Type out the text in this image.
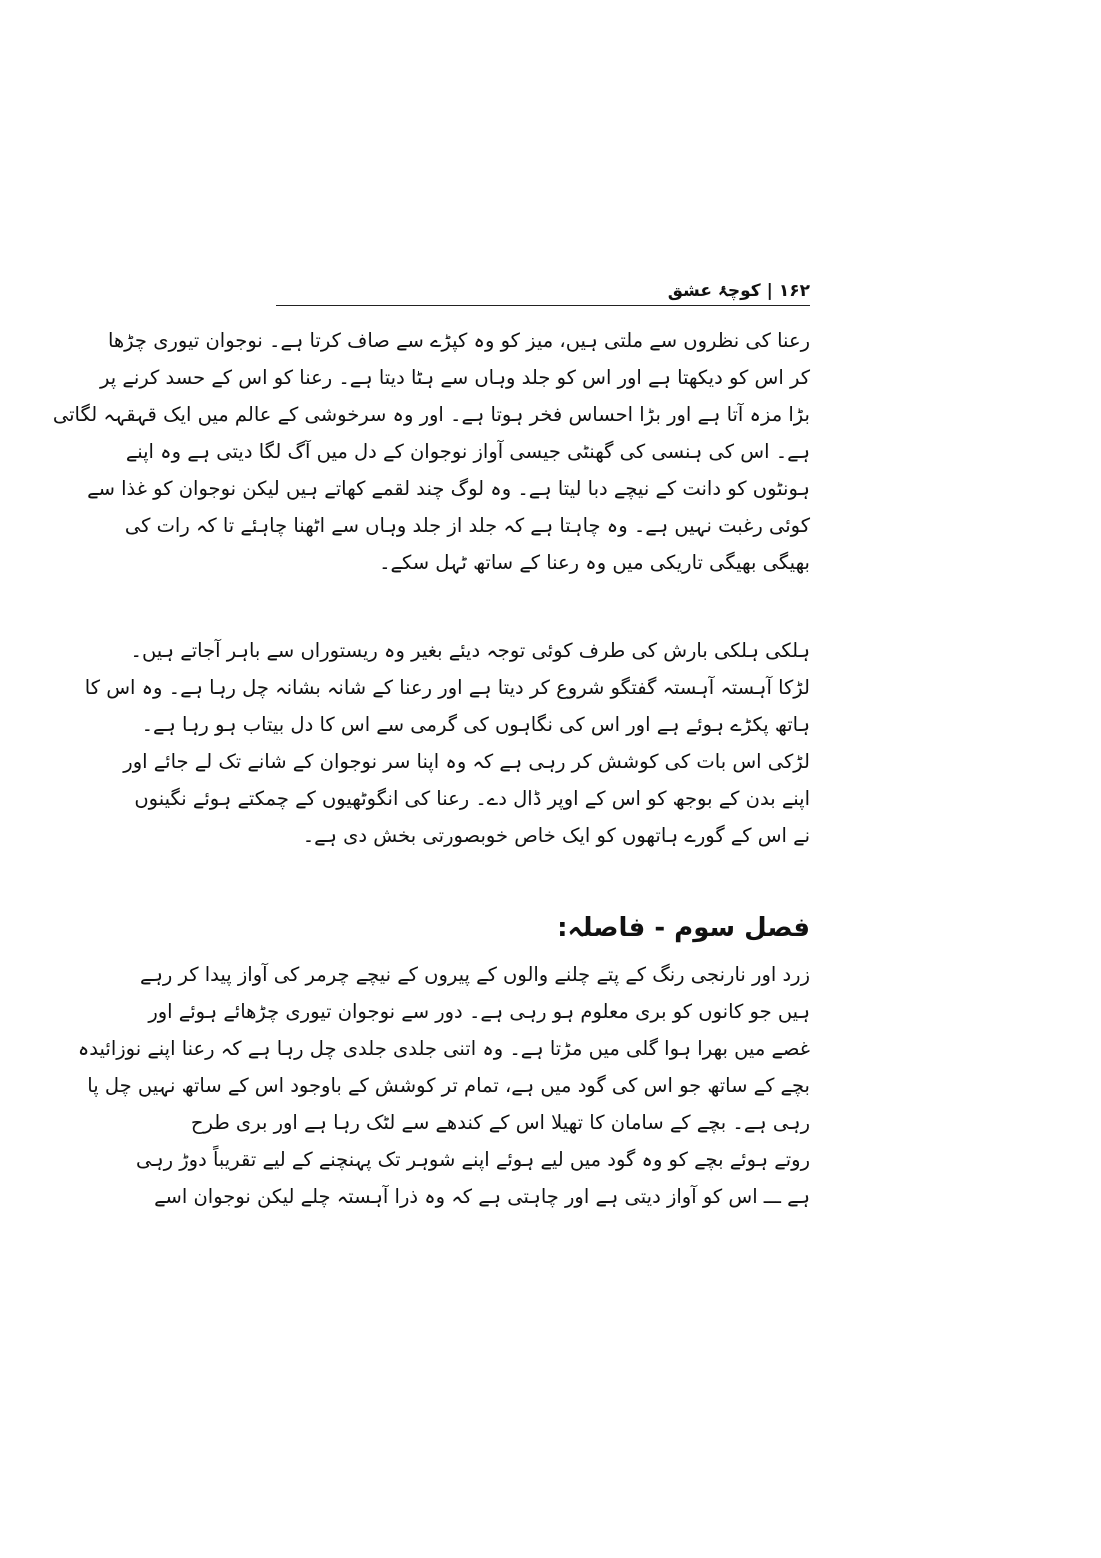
۱۶۲
|
کوچۂ عشق
رعنا کی نظروں سے ملتی ہیں، میز کو وہ کپڑے سے صاف کرتا ہے۔ نوجوان تیوری چڑھا
کر اس کو دیکھتا ہے اور اس کو جلد وہاں سے ہٹا دیتا ہے۔ رعنا کو اس کے حسد کرنے پر
بڑا مزہ آتا ہے اور بڑا احساس فخر ہوتا ہے۔ اور وہ سرخوشی کے عالم میں ایک قہقہہ لگاتی
ہے۔ اس کی ہنسی کی گھنٹی جیسی آواز نوجوان کے دل میں آگ لگا دیتی ہے وہ اپنے
ہونٹوں کو دانت کے نیچے دبا لیتا ہے۔ وہ لوگ چند لقمے کھاتے ہیں لیکن نوجوان کو غذا سے
کوئی رغبت نہیں ہے۔ وہ چاہتا ہے کہ جلد از جلد وہاں سے اٹھنا چاہئے تا کہ رات کی
بھیگی بھیگی تاریکی میں وہ رعنا کے ساتھ ٹہل سکے۔
ہلکی ہلکی بارش کی طرف کوئی توجہ دیئے بغیر وہ ریستوراں سے باہر آجاتے ہیں۔
لڑکا آہستہ آہستہ گفتگو شروع کر دیتا ہے اور رعنا کے شانہ بشانہ چل رہا ہے۔ وہ اس کا
ہاتھ پکڑے ہوئے ہے اور اس کی نگاہوں کی گرمی سے اس کا دل بیتاب ہو رہا ہے۔
لڑکی اس بات کی کوشش کر رہی ہے کہ وہ اپنا سر نوجوان کے شانے تک لے جائے اور
اپنے بدن کے بوجھ کو اس کے اوپر ڈال دے۔ رعنا کی انگوٹھیوں کے چمکتے ہوئے نگینوں
نے اس کے گورے ہاتھوں کو ایک خاص خوبصورتی بخش دی ہے۔
فصل سوم - فاصلہ:
زرد اور نارنجی رنگ کے پتے چلنے والوں کے پیروں کے نیچے چرمر کی آواز پیدا کر رہے
ہیں جو کانوں کو بری معلوم ہو رہی ہے۔ دور سے نوجوان تیوری چڑھائے ہوئے اور
غصے میں بھرا ہوا گلی میں مڑتا ہے۔ وہ اتنی جلدی جلدی چل رہا ہے کہ رعنا اپنے نوزائیدہ
بچے کے ساتھ جو اس کی گود میں ہے، تمام تر کوشش کے باوجود اس کے ساتھ نہیں چل پا
رہی ہے۔ بچے کے سامان کا تھیلا اس کے کندھے سے لٹک رہا ہے اور بری طرح
روتے ہوئے بچے کو وہ گود میں لیے ہوئے اپنے شوہر تک پہنچنے کے لیے تقریباً دوڑ رہی
ہے ـــ اس کو آواز دیتی ہے اور چاہتی ہے کہ وہ ذرا آہستہ چلے لیکن نوجوان اسے
